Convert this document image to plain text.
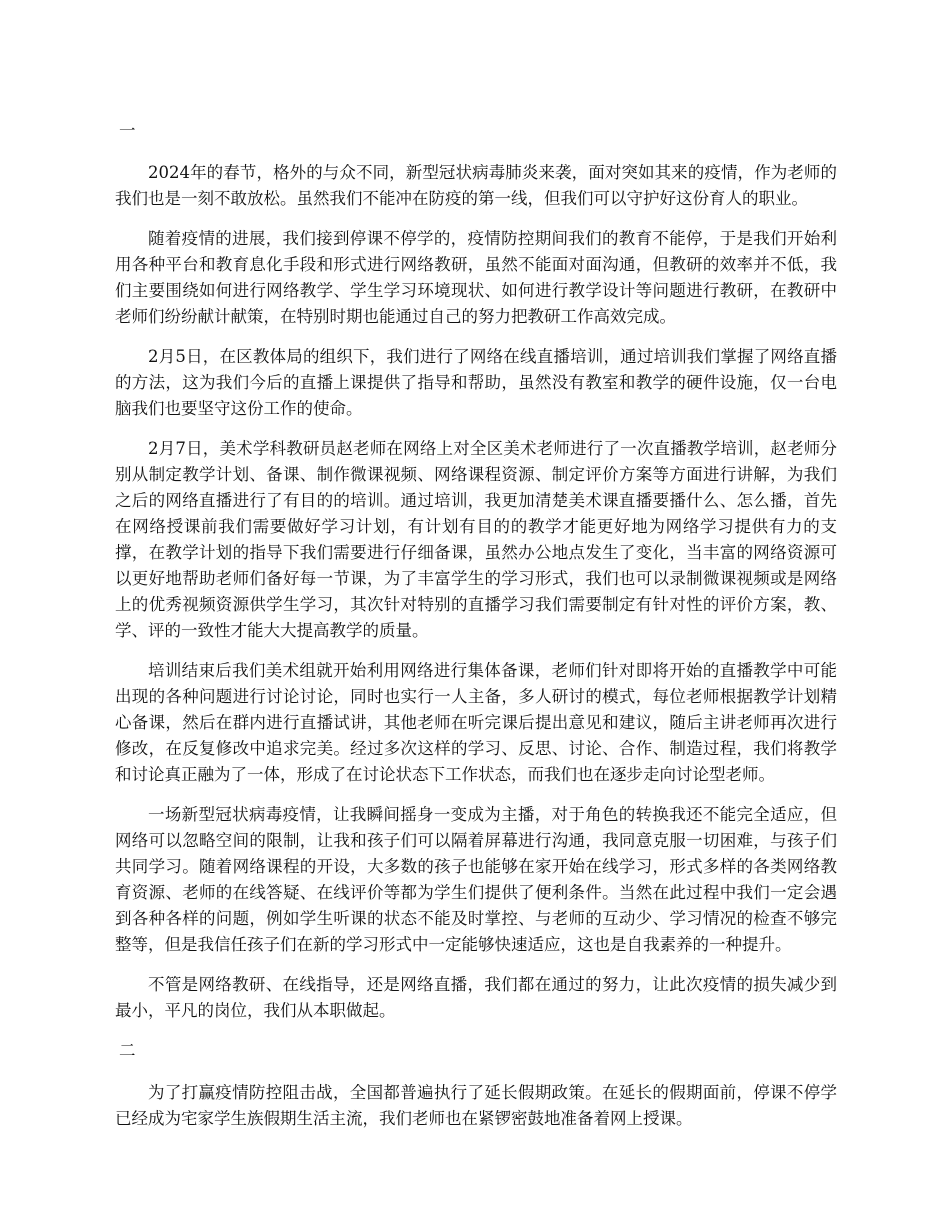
一

2024年的春节，格外的与众不同，新型冠状病毒肺炎来袭，面对突如其来的疫情，作为老师的我们也是一刻不敢放松。虽然我们不能冲在防疫的第一线，但我们可以守护好这份育人的职业。

随着疫情的进展，我们接到停课不停学的，疫情防控期间我们的教育不能停，于是我们开始利用各种平台和教育息化手段和形式进行网络教研，虽然不能面对面沟通，但教研的效率并不低，我们主要围绕如何进行网络教学、学生学习环境现状、如何进行教学设计等问题进行教研，在教研中老师们纷纷献计献策，在特别时期也能通过自己的努力把教研工作高效完成。

2月5日，在区教体局的组织下，我们进行了网络在线直播培训，通过培训我们掌握了网络直播的方法，这为我们今后的直播上课提供了指导和帮助，虽然没有教室和教学的硬件设施，仅一台电脑我们也要坚守这份工作的使命。

2月7日，美术学科教研员赵老师在网络上对全区美术老师进行了一次直播教学培训，赵老师分别从制定教学计划、备课、制作微课视频、网络课程资源、制定评价方案等方面进行讲解，为我们之后的网络直播进行了有目的的培训。通过培训，我更加清楚美术课直播要播什么、怎么播，首先在网络授课前我们需要做好学习计划，有计划有目的的教学才能更好地为网络学习提供有力的支撑，在教学计划的指导下我们需要进行仔细备课，虽然办公地点发生了变化，当丰富的网络资源可以更好地帮助老师们备好每一节课，为了丰富学生的学习形式，我们也可以录制微课视频或是网络上的优秀视频资源供学生学习，其次针对特别的直播学习我们需要制定有针对性的评价方案，教、学、评的一致性才能大大提高教学的质量。

培训结束后我们美术组就开始利用网络进行集体备课，老师们针对即将开始的直播教学中可能出现的各种问题进行讨论讨论，同时也实行一人主备，多人研讨的模式，每位老师根据教学计划精心备课，然后在群内进行直播试讲，其他老师在听完课后提出意见和建议，随后主讲老师再次进行修改，在反复修改中追求完美。经过多次这样的学习、反思、讨论、合作、制造过程，我们将教学和讨论真正融为了一体，形成了在讨论状态下工作状态，而我们也在逐步走向讨论型老师。

一场新型冠状病毒疫情，让我瞬间摇身一变成为主播，对于角色的转换我还不能完全适应，但网络可以忽略空间的限制，让我和孩子们可以隔着屏幕进行沟通，我同意克服一切困难，与孩子们共同学习。随着网络课程的开设，大多数的孩子也能够在家开始在线学习，形式多样的各类网络教育资源、老师的在线答疑、在线评价等都为学生们提供了便利条件。当然在此过程中我们一定会遇到各种各样的问题，例如学生听课的状态不能及时掌控、与老师的互动少、学习情况的检查不够完整等，但是我信任孩子们在新的学习形式中一定能够快速适应，这也是自我素养的一种提升。

不管是网络教研、在线指导，还是网络直播，我们都在通过的努力，让此次疫情的损失减少到最小，平凡的岗位，我们从本职做起。

二

为了打赢疫情防控阻击战，全国都普遍执行了延长假期政策。在延长的假期面前，停课不停学已经成为宅家学生族假期生活主流，我们老师也在紧锣密鼓地准备着网上授课。
